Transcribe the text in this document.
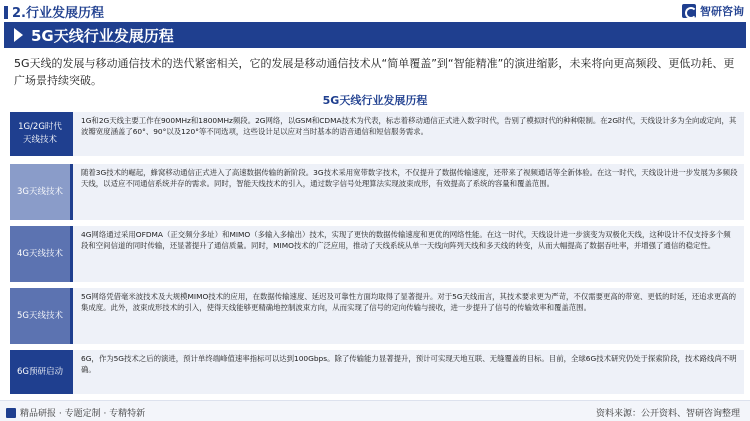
2.行业发展历程	智研咨询
5G天线行业发展历程
5G天线的发展与移动通信技术的迭代紧密相关，它的发展是移动通信技术从“简单覆盖”到“智能精准”的演进缩影，未来将向更高频段、更低功耗、更广场景持续突破。
5G天线行业发展历程
1G/2G时代天线技术
1G和2G天线主要工作在900MHz和1800MHz频段。2G网络，以GSM和CDMA技术为代表，标志着移动通信正式进入数字时代，告别了模拟时代的种种限制。在2G时代，天线设计多为全向或定向，其波瓣宽度涵盖了60°、90°以及120°等不同选项，这些设计足以应对当时基本的语音通信和短信服务需求。
3G天线技术
随着3G技术的崛起，蜂窝移动通信正式进入了高速数据传输的新阶段。3G技术采用宽带数字技术，不仅提升了数据传输速度，还带来了视频通话等全新体验。在这一时代，天线设计进一步发展为多频段天线，以适应不同通信系统并存的需求。同时，智能天线技术的引入，通过数字信号处理算法实现波束成形，有效提高了系统的容量和覆盖范围。
4G天线技术
4G网络通过采用OFDMA（正交频分多址）和MIMO（多输入多输出）技术，实现了更快的数据传输速度和更优的网络性能。在这一时代，天线设计进一步演变为双极化天线，这种设计不仅支持多个频段和空间信道的同时传输，还显著提升了通信质量。同时，MIMO技术的广泛应用，推动了天线系统从单一天线向阵列天线和多天线的转变，从而大幅提高了数据吞吐率，并增强了通信的稳定性。
5G天线技术
5G网络凭借毫米波技术及大规模MIMO技术的应用，在数据传输速度、延迟及可靠性方面均取得了显著提升。对于5G天线而言，其技术要求更为严苛，不仅需要更高的带宽、更低的时延，还追求更高的集成度。此外，波束成形技术的引入，使得天线能够更精确地控制波束方向，从而实现了信号的定向传输与接收，进一步提升了信号的传输效率和覆盖范围。
6G预研启动
6G，作为5G技术之后的演进，预计单终端峰值速率指标可以达到100Gbps。除了传输能力显著提升，预计可实现天地互联、无缝覆盖的目标。目前，全球6G技术研究仍处于探索阶段，技术路线尚不明确。
精品研报 · 专题定制 · 专精特新	资料来源：公开资料、智研咨询整理
